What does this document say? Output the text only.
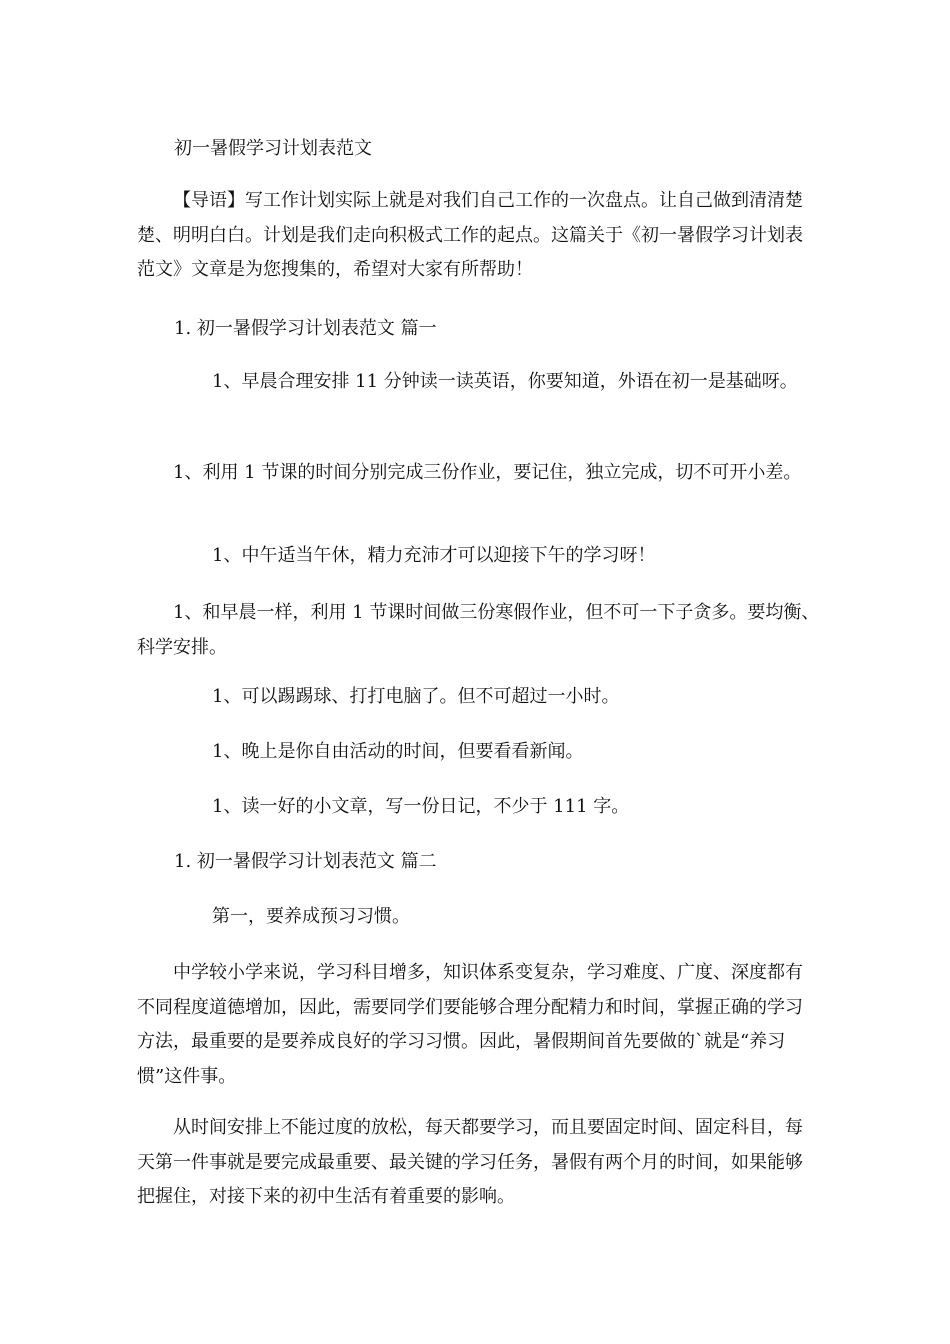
初一暑假学习计划表范文

【导语】写工作计划实际上就是对我们自己工作的一次盘点。让自己做到清清楚楚、明明白白。计划是我们走向积极式工作的起点。这篇关于《初一暑假学习计划表范文》文章是为您搜集的，希望对大家有所帮助！

1. 初一暑假学习计划表范文 篇一

1、早晨合理安排 11 分钟读一读英语，你要知道，外语在初一是基础呀。

1、利用 1 节课的时间分别完成三份作业，要记住，独立完成，切不可开小差。

1、中午适当午休，精力充沛才可以迎接下午的学习呀！

1、和早晨一样，利用 1 节课时间做三份寒假作业，但不可一下子贪多。要均衡、科学安排。

1、可以踢踢球、打打电脑了。但不可超过一小时。

1、晚上是你自由活动的时间，但要看看新闻。

1、读一好的小文章，写一份日记，不少于 111 字。

1. 初一暑假学习计划表范文 篇二

第一，要养成预习习惯。

中学较小学来说，学习科目增多，知识体系变复杂，学习难度、广度、深度都有不同程度道德增加，因此，需要同学们要能够合理分配精力和时间，掌握正确的学习方法，最重要的是要养成良好的学习习惯。因此，暑假期间首先要做的`就是“养习惯”这件事。

从时间安排上不能过度的放松，每天都要学习，而且要固定时间、固定科目，每天第一件事就是要完成最重要、最关键的学习任务，暑假有两个月的时间，如果能够把握住，对接下来的初中生活有着重要的影响。
